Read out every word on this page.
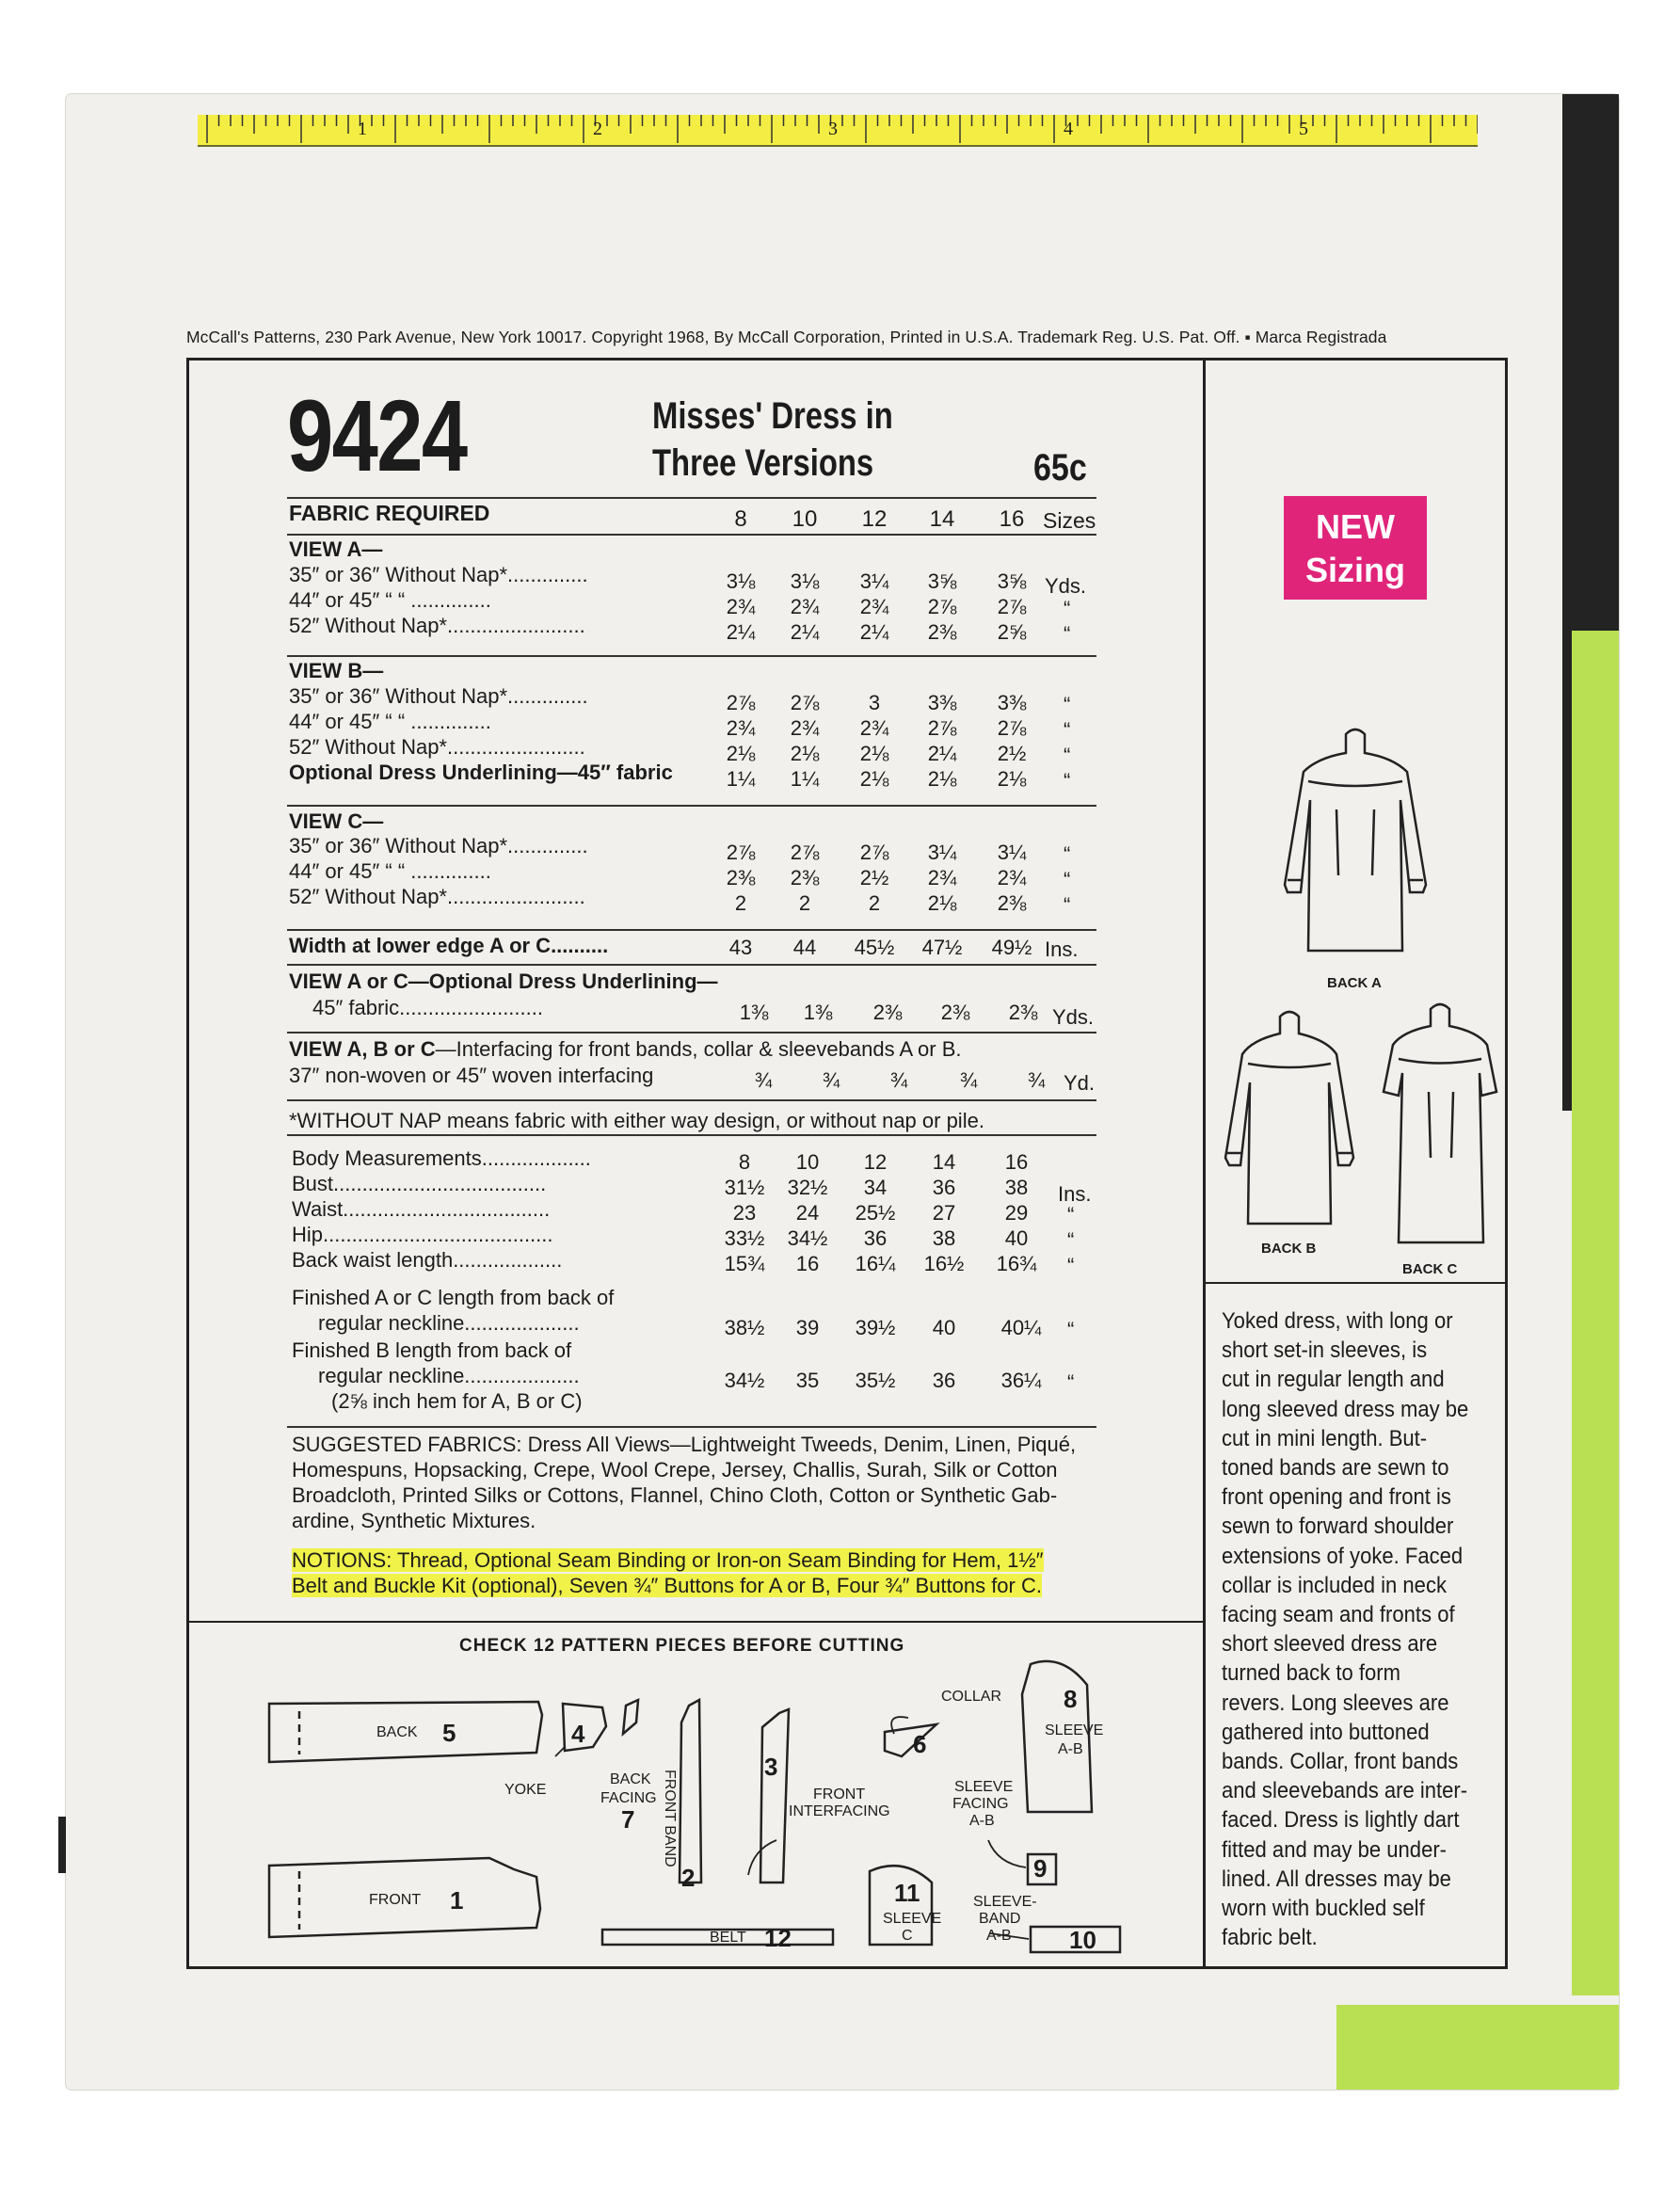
1	2	3	4	5
McCall's Patterns, 230 Park Avenue, New York 10017. Copyright 1968, By McCall Corporation, Printed in U.S.A. Trademark Reg. U.S. Pat. Off. ▪ Marca Registrada
9424	Misses' Dress in
Three Versions	65c
FABRIC REQUIRED	8	10	12	14	16 Sizes
VIEW A—
35″ or 36″ Without Nap*..............	3⅛	3⅛	3¼	3⅝	3⅝ Yds.
44″ or 45″ “ “ ..............	2¾	2¾	2¾	2⅞	2⅞	“
52″ Without Nap*........................	2¼	2¼	2¼	2⅜	2⅝	“
VIEW B—
35″ or 36″ Without Nap*..............	2⅞	2⅞	3	3⅜	3⅜	“
44″ or 45″ “ “ ..............	2¾	2¾	2¾	2⅞	2⅞	“
52″ Without Nap*........................	2⅛	2⅛	2⅛	2¼	2½	“
Optional Dress Underlining—45″ fabric	1¼	1¼	2⅛	2⅛	2⅛	“
VIEW C—
35″ or 36″ Without Nap*..............	2⅞	2⅞	2⅞	3¼	3¼	“
44″ or 45″ “ “ ..............	2⅜	2⅜	2½	2¾	2¾	“
52″ Without Nap*........................	2	2	2	2⅛	2⅜	“
Width at lower edge A or C..........	43	44	45½	47½	49½ Ins.
VIEW A or C—Optional Dress Underlining—
45″ fabric.........................	1⅜	1⅜	2⅜	2⅜	2⅜ Yds.
VIEW A, B or C—Interfacing for front bands, collar & sleevebands A or B.
37″ non-woven or 45″ woven interfacing	¾	¾	¾	¾	¾ Yd.
*WITHOUT NAP means fabric with either way design, or without nap or pile.
Body Measurements...................	8	10	12	14	16
Bust.....................................	31½	32½	34	36	38	Ins.
Waist....................................	23	24	25½	27	29	“
Hip........................................	33½	34½	36	38	40	“
Back waist length...................	15¾	16	16¼	16½	16¾	“
Finished A or C length from back of
regular neckline....................	38½	39	39½	40	40¼	“
Finished B length from back of
regular neckline....................	34½	35	35½	36	36¼	“
(2⅝ inch hem for A, B or C)
SUGGESTED FABRICS: Dress All Views—Lightweight Tweeds, Denim, Linen, Piqué,
Homespuns, Hopsacking, Crepe, Wool Crepe, Jersey, Challis, Surah, Silk or Cotton
Broadcloth, Printed Silks or Cottons, Flannel, Chino Cloth, Cotton or Synthetic Gab-
ardine, Synthetic Mixtures.
NOTIONS: Thread, Optional Seam Binding or Iron-on Seam Binding for Hem, 1½″
Belt and Buckle Kit (optional), Seven ¾″ Buttons for A or B, Four ¾″ Buttons for C.
NEW
Sizing
BACK A
BACK B
BACK C
Yoked dress, with long or
short set-in sleeves, is
cut in regular length and
long sleeved dress may be
cut in mini length. But-
toned bands are sewn to
front opening and front is
sewn to forward shoulder
extensions of yoke. Faced
collar is included in neck
facing seam and fronts of
short sleeved dress are
turned back to form
revers. Long sleeves are
gathered into buttoned
bands. Collar, front bands
and sleevebands are inter-
faced. Dress is lightly dart
fitted and may be under-
lined. All dresses may be
worn with buckled self
fabric belt.
CHECK 12 PATTERN PIECES BEFORE CUTTING
BACK 5	4
YOKE
BACK
FACING
7 FRONT BAND
2
3
FRONT
INTERFACING
COLLAR
6
8
SLEEVE
A-B
SLEEVE
FACING
A-B
9
FRONT 1
BELT 12
11
SLEEVE
C
SLEEVE-
BAND
A-B 10
